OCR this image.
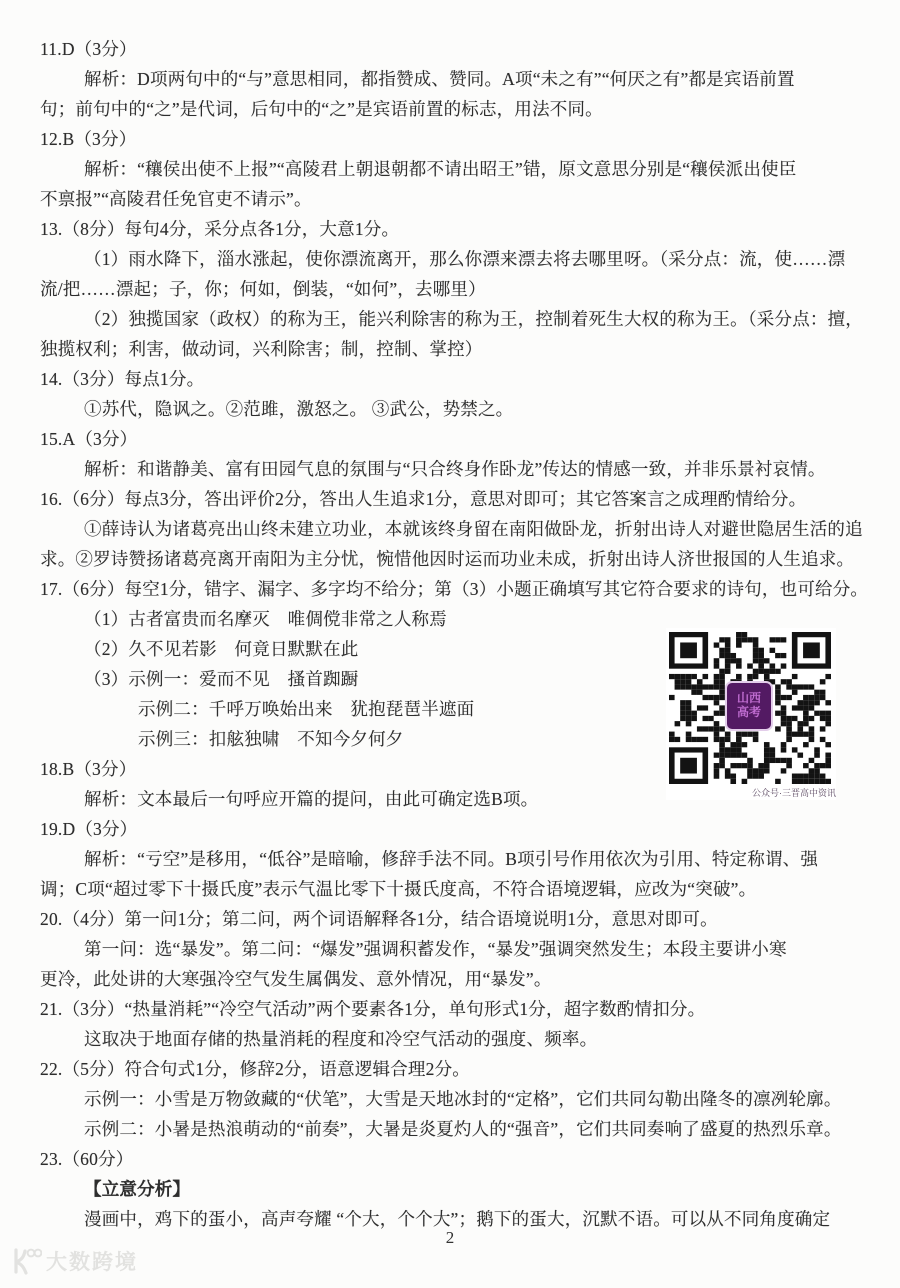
11.D（3分）
解析：D项两句中的“与”意思相同，都指赞成、赞同。A项“未之有”“何厌之有”都是宾语前置
句；前句中的“之”是代词，后句中的“之”是宾语前置的标志，用法不同。
12.B（3分）
解析：“穰侯出使不上报”“高陵君上朝退朝都不请出昭王”错，原文意思分别是“穰侯派出使臣
不禀报”“高陵君任免官吏不请示”。
13.（8分）每句4分，采分点各1分，大意1分。
（1）雨水降下，淄水涨起，使你漂流离开，那么你漂来漂去将去哪里呀。（采分点：流，使……漂
流/把……漂起；子，你；何如，倒装，“如何”，去哪里）
（2）独揽国家（政权）的称为王，能兴利除害的称为王，控制着死生大权的称为王。（采分点：擅，
独揽权利；利害，做动词，兴利除害；制，控制、掌控）
14.（3分）每点1分。
①苏代，隐讽之。②范雎，激怒之。 ③武公，势禁之。
15.A（3分）
解析：和谐静美、富有田园气息的氛围与“只合终身作卧龙”传达的情感一致，并非乐景衬哀情。
16.（6分）每点3分，答出评价2分，答出人生追求1分，意思对即可；其它答案言之成理酌情给分。
①薛诗认为诸葛亮出山终未建立功业，本就该终身留在南阳做卧龙，折射出诗人对避世隐居生活的追
求。②罗诗赞扬诸葛亮离开南阳为主分忧，惋惜他因时运而功业未成，折射出诗人济世报国的人生追求。
17.（6分）每空1分，错字、漏字、多字均不给分；第（3）小题正确填写其它符合要求的诗句，也可给分。
（1）古者富贵而名摩灭　唯倜傥非常之人称焉
（2）久不见若影　何竟日默默在此
（3）示例一：爱而不见　搔首踟蹰
示例二：千呼万唤始出来　犹抱琵琶半遮面
示例三：扣舷独啸　不知今夕何夕
18.B（3分）
解析：文本最后一句呼应开篇的提问，由此可确定选B项。
19.D（3分）
解析：“亏空”是移用，“低谷”是暗喻，修辞手法不同。B项引号作用依次为引用、特定称谓、强
调；C项“超过零下十摄氏度”表示气温比零下十摄氏度高，不符合语境逻辑，应改为“突破”。
20.（4分）第一问1分；第二问，两个词语解释各1分，结合语境说明1分，意思对即可。
第一问：选“暴发”。第二问：“爆发”强调积蓄发作，“暴发”强调突然发生；本段主要讲小寒
更冷，此处讲的大寒强冷空气发生属偶发、意外情况，用“暴发”。
21.（3分）“热量消耗”“冷空气活动”两个要素各1分，单句形式1分，超字数酌情扣分。
这取决于地面存储的热量消耗的程度和冷空气活动的强度、频率。
22.（5分）符合句式1分，修辞2分，语意逻辑合理2分。
示例一：小雪是万物敛藏的“伏笔”，大雪是天地冰封的“定格”，它们共同勾勒出隆冬的凛冽轮廓。
示例二：小暑是热浪萌动的“前奏”，大暑是炎夏灼人的“强音”，它们共同奏响了盛夏的热烈乐章。
23.（60分）
【立意分析】
漫画中，鸡下的蛋小，高声夸耀 “个大，个个大”；鹅下的蛋大，沉默不语。可以从不同角度确定
山西
高考
公众号·三晋高中资讯
2
大数跨境
